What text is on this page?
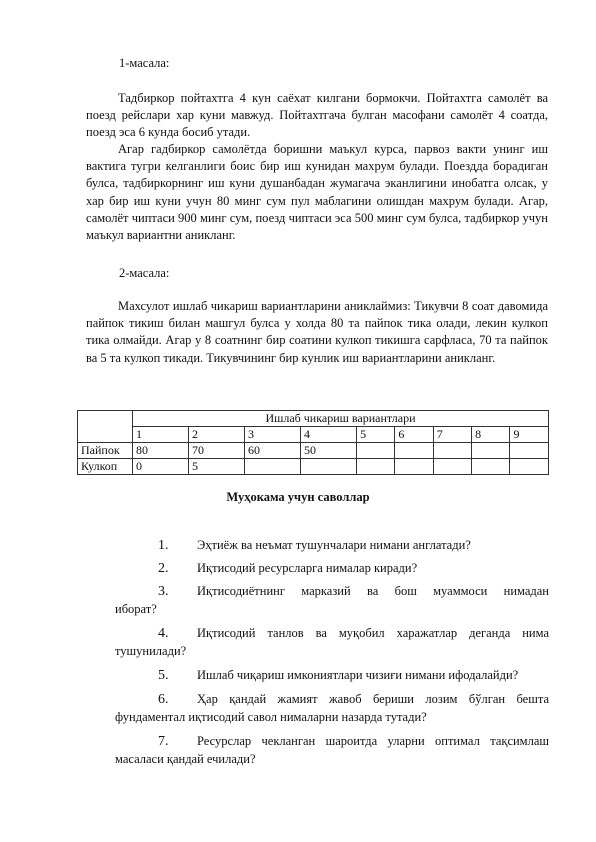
1-масала:

Тадбиркор пойтахтга 4 кун саёхат килгани бормокчи. Пойтахтга самолёт ва поезд рейслари хар куни мавжуд. Пойтахтгача булган масофани самолёт 4 соатда, поезд эса 6 кунда босиб утади.

Агар гадбиркор самолётда боришни маъкул курса, парвоз вакти унинг иш вактига тугри келганлиги боис бир иш кунидан махрум булади. Поездда борадиган булса, тадбиркорнинг иш куни душанбадан жумагача эканлигини инобатга олсак, у хар бир иш куни учун 80 минг сум пул маблагини олишдан махрум булади. Агар, самолёт чиптаси 900 минг сум, поезд чиптаси эса 500 минг сум булса, тадбиркор учун маъкул вариантни аникланг.

2-масала:

Махсулот ишлаб чикариш вариантларини аниклаймиз: Тикувчи 8 соат давомида пайпок тикиш билан машгул булса у холда 80 та пайпок тика олади, лекин кулкоп тика олмайди. Агар у 8 соатнинг бир соатини кулкоп тикишга сарфласа, 70 та пайпок ва 5 та кулкоп тикади. Тикувчининг бир кунлик иш вариантларини аникланг.

	Ишлаб чикариш вариантлари								
	1	2	3	4	5	6	7	8	9
Пайпок	80	70	60	50					
Кулкоп	0	5							
Муҳокама учун саволлар
1.	Эҳтиёж ва неъмат тушунчалари нимани англатади?
2.	Иқтисодий ресурсларга нималар киради?
3.	Иқтисодиётнинг марказий ва бош муаммоси нимадан
иборат?
4.	Иқтисодий танлов ва муқобил харажатлар деганда нима
тушунилади?
5.	Ишлаб чиқариш имкониятлари чизиғи нимани ифодалайди?
6.	Ҳар қандай жамият жавоб бериши лозим бўлган бешта
фундаментал иқтисодий савол нималарни назарда тутади?
7.	Ресурслар чекланган шароитда уларни оптимал тақсимлаш
масаласи қандай ечилади?
